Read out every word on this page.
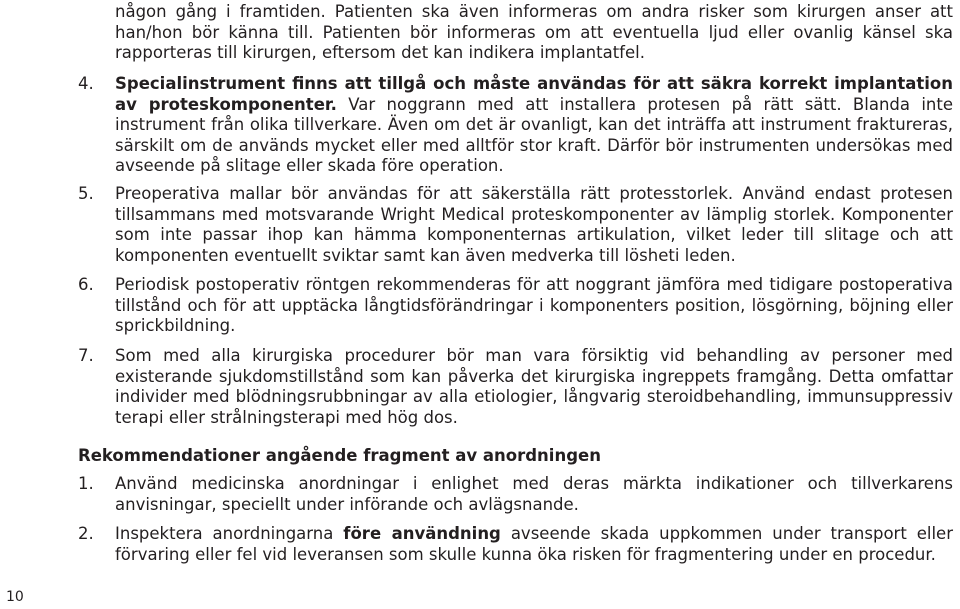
någon gång i framtiden. Patienten ska även informeras om andra risker som kirurgen anser att han/hon bör känna till. Patienten bör informeras om att eventuella ljud eller ovanlig känsel ska rapporteras till kirurgen, eftersom det kan indikera implantatfel.
4. Specialinstrument finns att tillgå och måste användas för att säkra korrekt implantation av proteskomponenter. Var noggrann med att installera protesen på rätt sätt. Blanda inte instrument från olika tillverkare. Även om det är ovanligt, kan det inträffa att instrument fraktureras, särskilt om de används mycket eller med alltför stor kraft. Därför bör instrumenten undersökas med avseende på slitage eller skada före operation.
5. Preoperativa mallar bör användas för att säkerställa rätt protesstorlek. Använd endast protesen tillsammans med motsvarande Wright Medical proteskomponenter av lämplig storlek. Komponenter som inte passar ihop kan hämma komponenternas artikulation, vilket leder till slitage och att komponenten eventuellt sviktar samt kan även medverka till lösheti leden.
6. Periodisk postoperativ röntgen rekommenderas för att noggrant jämföra med tidigare postoperativa tillstånd och för att upptäcka långtidsförändringar i komponenters position, lösgörning, böjning eller sprickbildning.
7. Som med alla kirurgiska procedurer bör man vara försiktig vid behandling av personer med existerande sjukdomstillstånd som kan påverka det kirurgiska ingreppets framgång. Detta omfattar individer med blödningsrubbningar av alla etiologier, långvarig steroidbehandling, immunsuppressiv terapi eller strålningsterapi med hög dos.
Rekommendationer angående fragment av anordningen
1. Använd medicinska anordningar i enlighet med deras märkta indikationer och tillverkarens anvisningar, speciellt under införande och avlägsnande.
2. Inspektera anordningarna före användning avseende skada uppkommen under transport eller förvaring eller fel vid leveransen som skulle kunna öka risken för fragmentering under en procedur.
10
